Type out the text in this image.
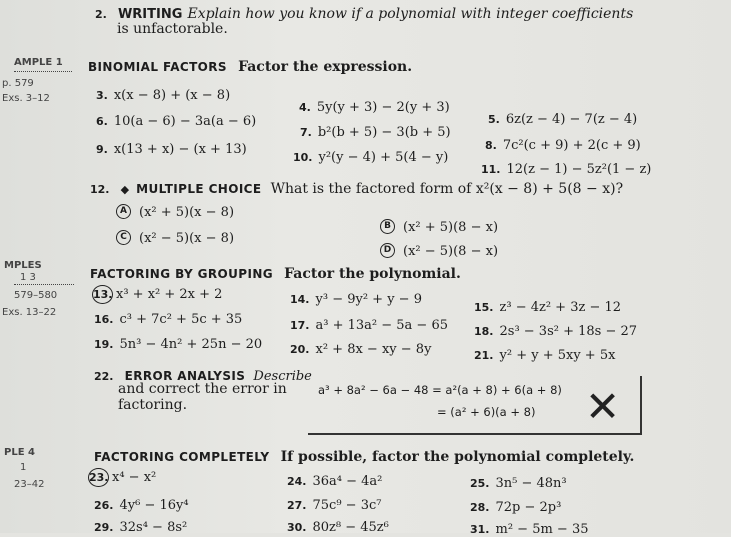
2. WRITING Explain how you know if a polynomial with integer coefficients
is unfactorable.
AMPLE 1
p. 579
Exs. 3–12
MPLES
1 3
579–580
Exs. 13–22
PLE 4
1
23–42
BINOMIAL FACTORS Factor the expression.
3. x(x − 8) + (x − 8)
4. 5y(y + 3) − 2(y + 3)
5. 6z(z − 4) − 7(z − 4)
6. 10(a − 6) − 3a(a − 6)
7. b²(b + 5) − 3(b + 5)
8. 7c²(c + 9) + 2(c + 9)
9. x(13 + x) − (x + 13)
10. y²(y − 4) + 5(4 − y)
11. 12(z − 1) − 5z²(1 − z)
12. ◆ MULTIPLE CHOICE What is the factored form of x²(x − 8) + 5(8 − x)?
A (x² + 5)(x − 8)
B (x² + 5)(8 − x)
C (x² − 5)(x − 8)
D (x² − 5)(8 − x)
FACTORING BY GROUPING Factor the polynomial.
13. x³ + x² + 2x + 2	14. y³ − 9y² + y − 9
15. z³ − 4z² + 3z − 12
16. c³ + 7c² + 5c + 35	17. a³ + 13a² − 5a − 65 18. 2s³ − 3s² + 18s − 27
19. 5n³ − 4n² + 25n − 20	20. x² + 8x − xy − 8y	21. y² + y + 5xy + 5x
22. ERROR ANALYSIS Describe
and correct the error in
factoring.
a³ + 8a² − 6a − 48 = a²(a + 8) + 6(a + 8)
= (a² + 6)(a + 8) ✕
FACTORING COMPLETELY If possible, factor the polynomial completely.
23. x⁴ − x²	24. 36a⁴ − 4a²	25. 3n⁵ − 48n³
26. 4y⁶ − 16y⁴	27. 75c⁹ − 3c⁷	28. 72p − 2p³
29. 32s⁴ − 8s²	30. 80z⁸ − 45z⁶	31. m² − 5m − 35
